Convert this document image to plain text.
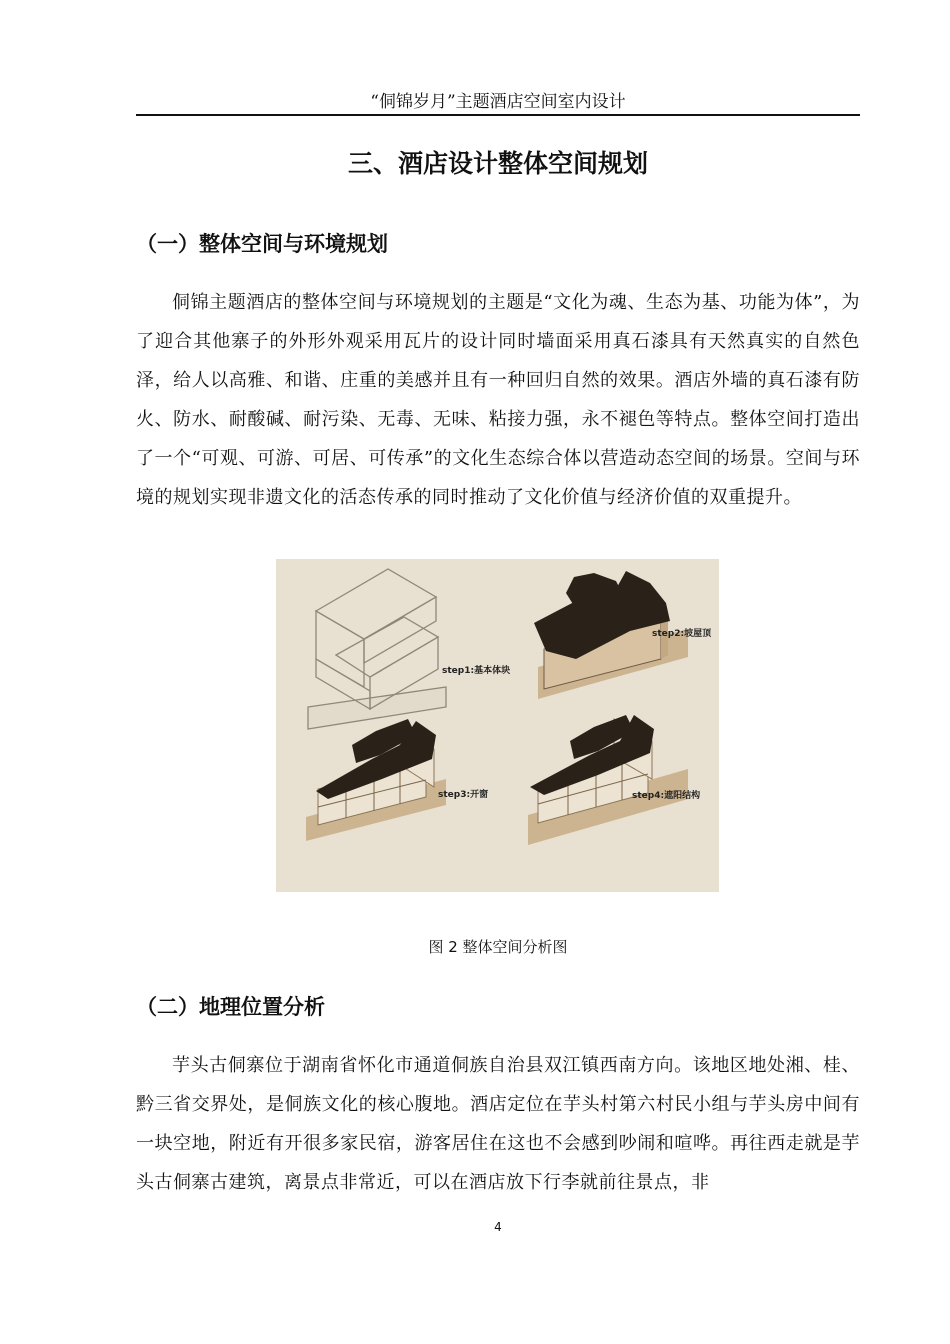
“侗锦岁月”主题酒店空间室内设计
三、酒店设计整体空间规划
（一）整体空间与环境规划

侗锦主题酒店的整体空间与环境规划的主题是“文化为魂、生态为基、功能为体”，为了迎合其他寨子的外形外观采用瓦片的设计同时墙面采用真石漆具有天然真实的自然色泽，给人以高雅、和谐、庄重的美感并且有一种回归自然的效果。酒店外墙的真石漆有防火、防水、耐酸碱、耐污染、无毒、无味、粘接力强，永不褪色等特点。整体空间打造出了一个“可观、可游、可居、可传承”的文化生态综合体以营造动态空间的场景。空间与环境的规划实现非遗文化的活态传承的同时推动了文化价值与经济价值的双重提升。

step1:基本体块
step2:坡屋顶
step3:开窗	step4:遮阳结构
图 2 整体空间分析图
（二）地理位置分析

芋头古侗寨位于湖南省怀化市通道侗族自治县双江镇西南方向。该地区地处湘、桂、黔三省交界处，是侗族文化的核心腹地。酒店定位在芋头村第六村民小组与芋头房中间有一块空地，附近有开很多家民宿，游客居住在这也不会感到吵闹和喧哗。再往西走就是芋头古侗寨古建筑，离景点非常近，可以在酒店放下行李就前往景点，非

4
